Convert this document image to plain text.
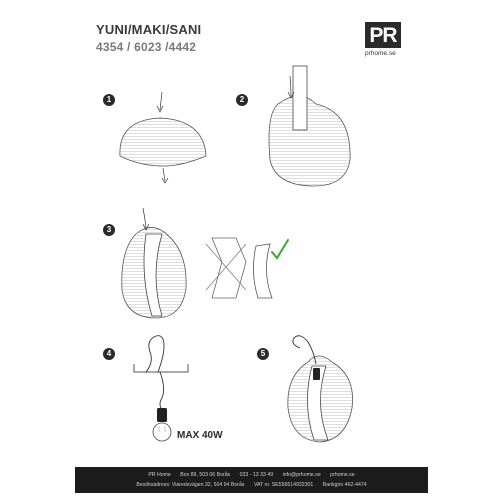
YUNI/MAKI/SANI
4354 / 6023 /4442	PR
prhome.se
1	2
3
4	5
MAX 40W
PR Home Box 89, 503 06 Borås 033 - 13 33 49 info@prhome.se prhome.se
Besöksadress: Viaredsvägen 32, 504 94 Borås VAT nr. SE556614932301 Bankgiro 462-4474
